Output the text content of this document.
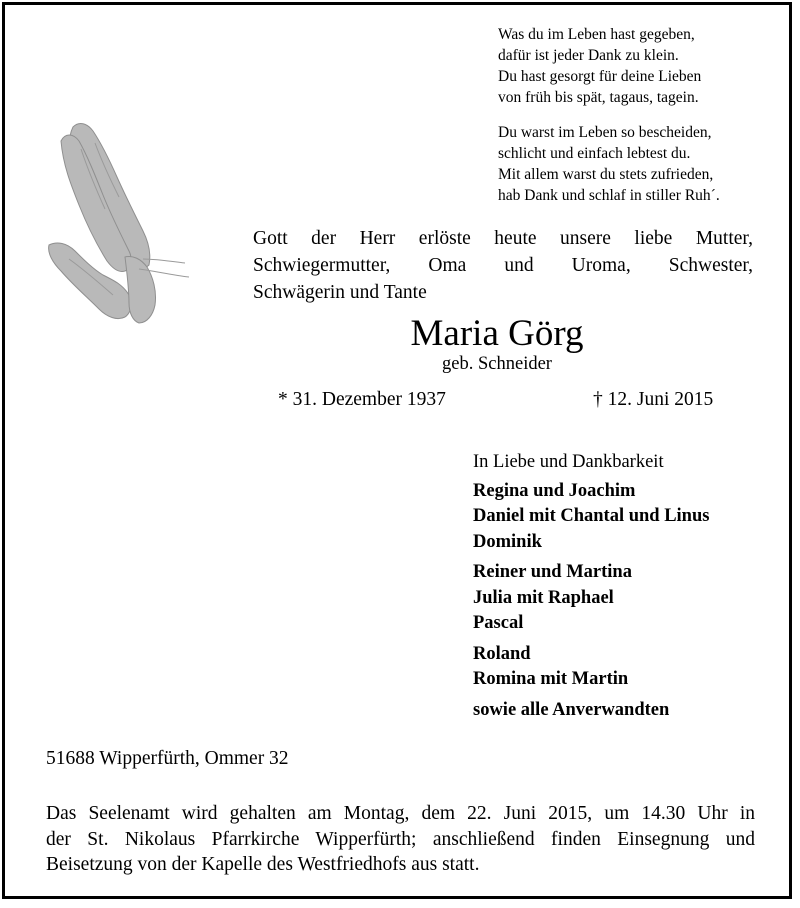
Was du im Leben hast gegeben,
dafür ist jeder Dank zu klein.
Du hast gesorgt für deine Lieben
von früh bis spät, tagaus, tagein.
Du warst im Leben so bescheiden,
schlicht und einfach lebtest du.
Mit allem warst du stets zufrieden,
hab Dank und schlaf in stiller Ruh´.
Gott der Herr erlöste heute unsere liebe Mutter,
Schwiegermutter, Oma und Uroma, Schwester,
Schwägerin und Tante
Maria Görg
geb. Schneider
* 31. Dezember 1937	† 12. Juni 2015
In Liebe und Dankbarkeit
Regina und Joachim
Daniel mit Chantal und Linus
Dominik
Reiner und Martina
Julia mit Raphael
Pascal
Roland
Romina mit Martin
sowie alle Anverwandten
51688 Wipperfürth, Ommer 32
Das Seelenamt wird gehalten am Montag, dem 22. Juni 2015, um 14.30 Uhr in
der St. Nikolaus Pfarrkirche Wipperfürth; anschließend finden Einsegnung und
Beisetzung von der Kapelle des Westfriedhofs aus statt.
